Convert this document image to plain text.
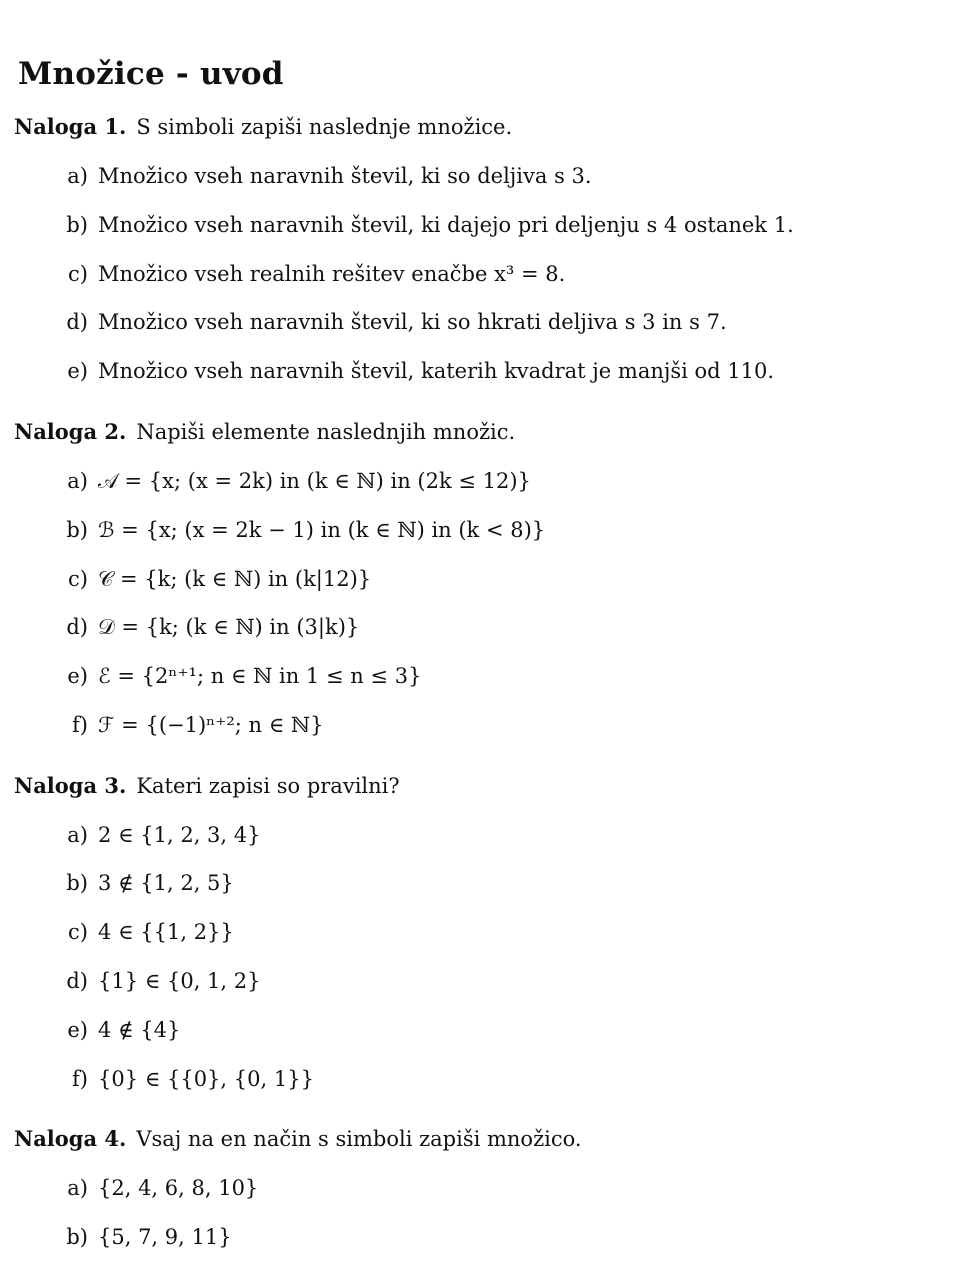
Množice - uvod

Naloga 1. S simboli zapiši naslednje množice.

a) Množico vseh naravnih števil, ki so deljiva s 3.
b) Množico vseh naravnih števil, ki dajejo pri deljenju s 4 ostanek 1.
c) Množico vseh realnih rešitev enačbe x³ = 8.
d) Množico vseh naravnih števil, ki so hkrati deljiva s 3 in s 7.
e) Množico vseh naravnih števil, katerih kvadrat je manjši od 110.

Naloga 2. Napiši elemente naslednjih množic.

a) 𝒜 = {x; (x = 2k) in (k ∈ ℕ) in (2k ≤ 12)}
b) ℬ = {x; (x = 2k − 1) in (k ∈ ℕ) in (k < 8)}
c) 𝒞 = {k; (k ∈ ℕ) in (k|12)}
d) 𝒟 = {k; (k ∈ ℕ) in (3|k)}
e) ℰ = {2ⁿ⁺¹; n ∈ ℕ in 1 ≤ n ≤ 3}
f) ℱ = {(−1)ⁿ⁺²; n ∈ ℕ}

Naloga 3. Kateri zapisi so pravilni?

a) 2 ∈ {1, 2, 3, 4}
b) 3 ∉ {1, 2, 5}
c) 4 ∈ {{1, 2}}
d) {1} ∈ {0, 1, 2}
e) 4 ∉ {4}
f) {0} ∈ {{0}, {0, 1}}

Naloga 4. Vsaj na en način s simboli zapiši množico.

a) {2, 4, 6, 8, 10}
b) {5, 7, 9, 11}
